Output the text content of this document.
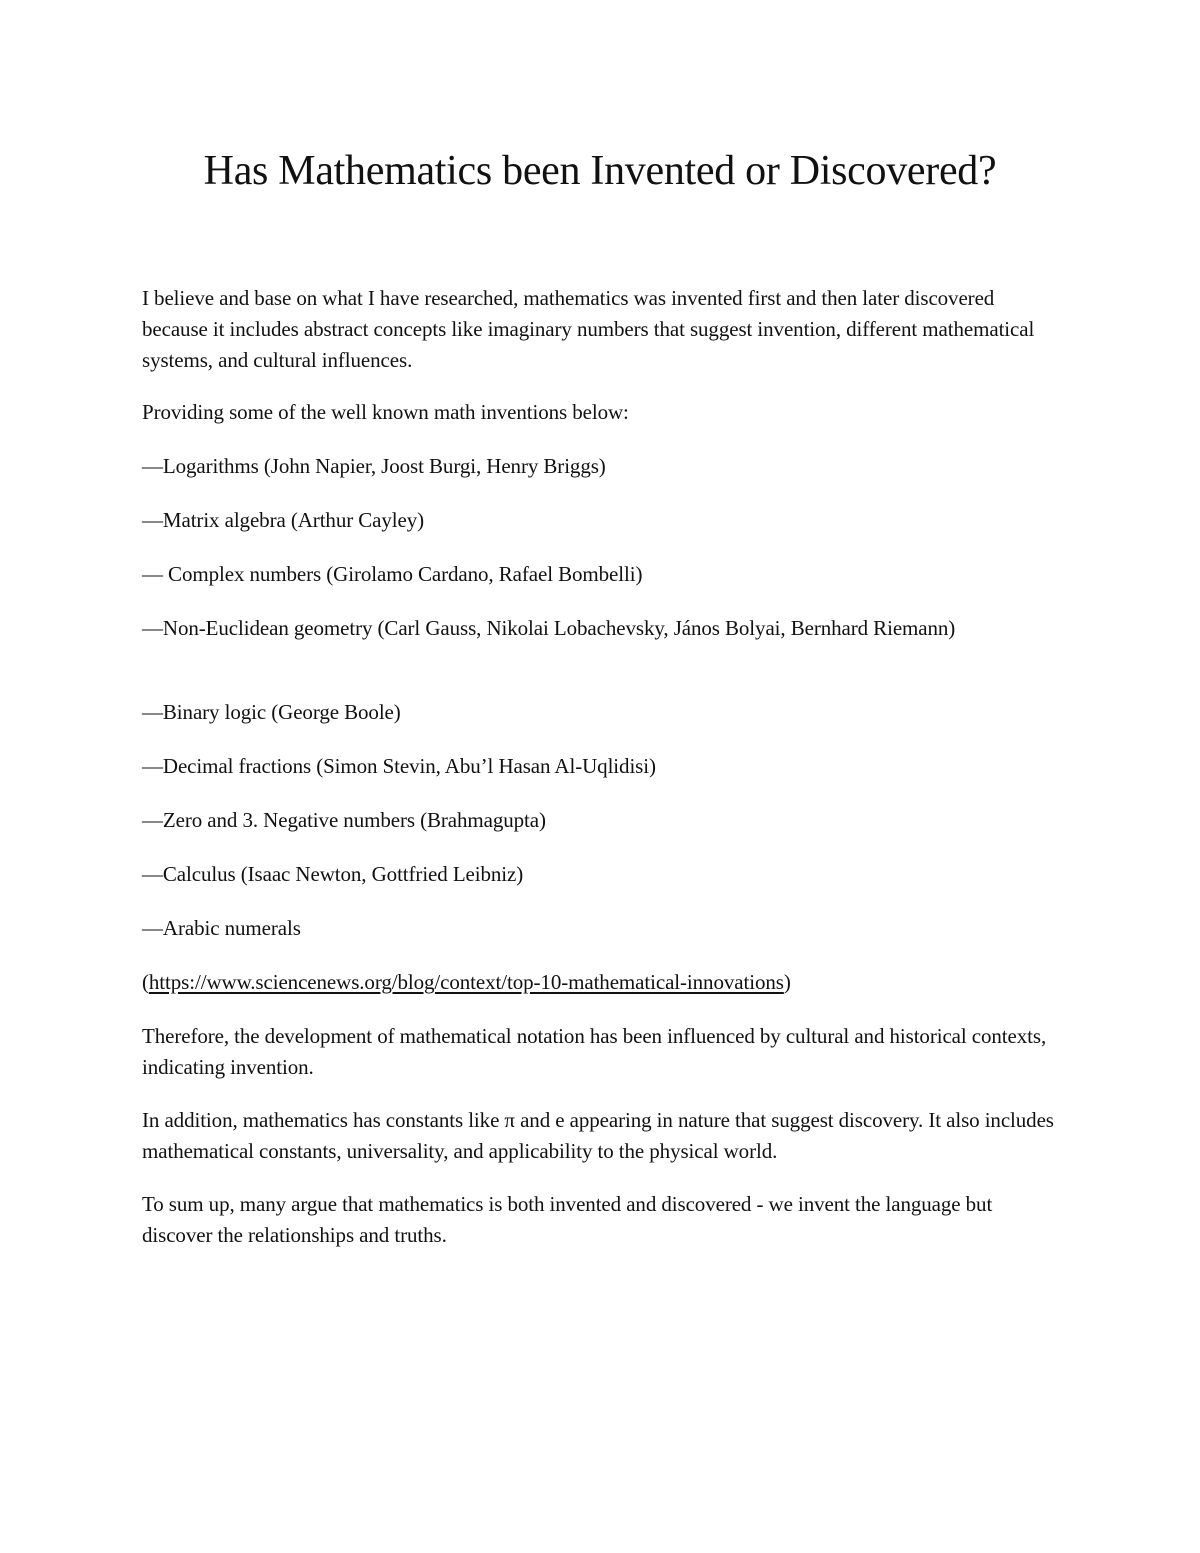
Has Mathematics been Invented or Discovered?

I believe and base on what I have researched, mathematics was invented first and then later discovered because it includes abstract concepts like imaginary numbers that suggest invention, different mathematical systems, and cultural influences.

Providing some of the well known math inventions below:

—Logarithms (John Napier, Joost Burgi, Henry Briggs)

—Matrix algebra (Arthur Cayley)

— Complex numbers (Girolamo Cardano, Rafael Bombelli)

—Non-Euclidean geometry (Carl Gauss, Nikolai Lobachevsky, János Bolyai, Bernhard Riemann)

—Binary logic (George Boole)

—Decimal fractions (Simon Stevin, Abu’l Hasan Al-Uqlidisi)

—Zero and 3. Negative numbers (Brahmagupta)

—Calculus (Isaac Newton, Gottfried Leibniz)

—Arabic numerals

(https://www.sciencenews.org/blog/context/top-10-mathematical-innovations)

Therefore, the development of mathematical notation has been influenced by cultural and historical contexts, indicating invention.

In addition, mathematics has constants like π and e appearing in nature that suggest discovery. It also includes mathematical constants, universality, and applicability to the physical world.

To sum up, many argue that mathematics is both invented and discovered - we invent the language but discover the relationships and truths.
